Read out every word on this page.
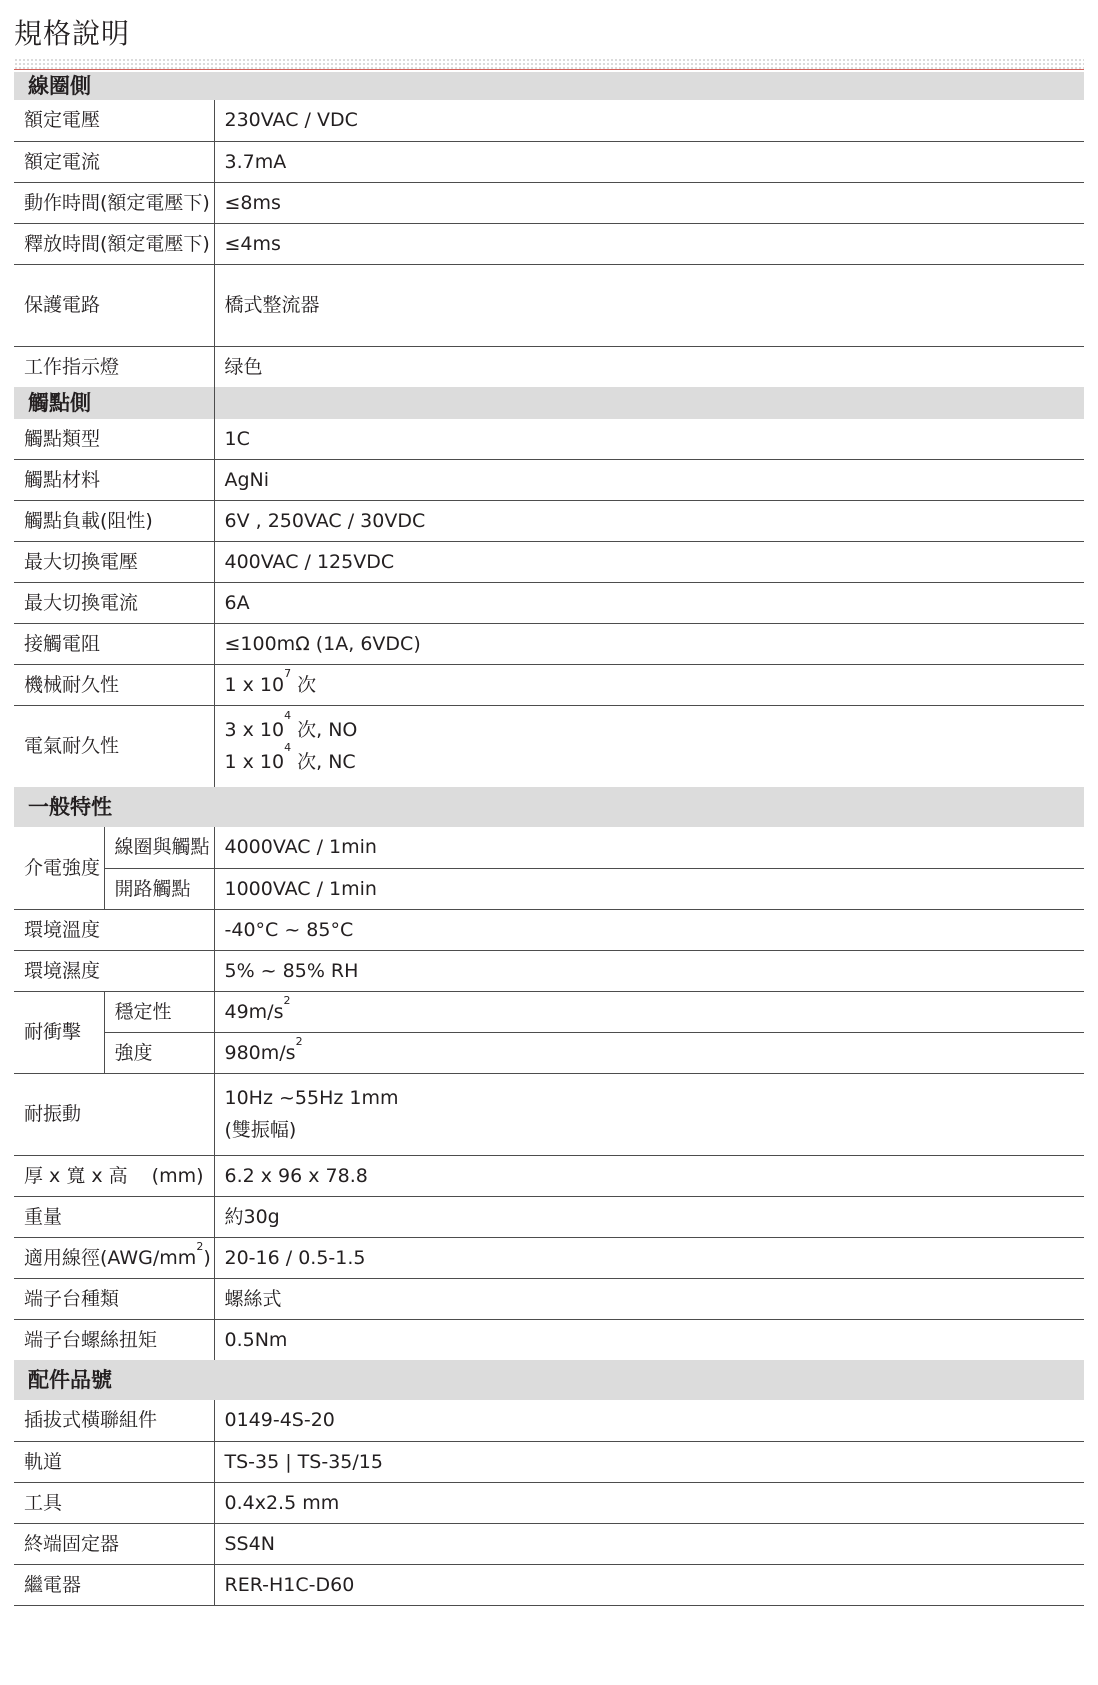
規格說明
線圈側		
額定電壓		230VAC / VDC
額定電流		3.7mA
動作時間(額定電壓下)		≤8ms
釋放時間(額定電壓下)		≤4ms
保護電路		橋式整流器
工作指示燈		绿色
觸點側		
觸點類型		1C
觸點材料		AgNi
觸點負載(阻性)		6V , 250VAC / 30VDC
最大切換電壓		400VAC / 125VDC
最大切換電流		6A
接觸電阻		≤100mΩ (1A, 6VDC)
機械耐久性		1 x $10^7$ 次
電氣耐久性		3 x $10^4$ 次, NO
1 x $10^4$ 次, NC

一般特性		
介電強度	線圈與觸點	4000VAC / 1min
	開路觸點	1000VAC / 1min
環境溫度		-40°C ~ 85°C
環境濕度		5% ~ 85% RH
耐衝擊	穩定性	$49m/s^2$
	強度	$980m/s^2$
耐振動		10Hz ~55Hz 1mm
(雙振幅)

厚 x 寬 x 高 (mm)		6.2 x 96 x 78.8
重量		約30g
適用線徑$(AWG/mm^2)$		20-16 / 0.5-1.5
端子台種類		螺絲式
端子台螺絲扭矩		0.5Nm
配件品號		
插拔式橫聯組件		0149-4S-20
軌道		TS-35 | TS-35/15
工具		0.4x2.5 mm
終端固定器		SS4N
繼電器		RER-H1C-D60
